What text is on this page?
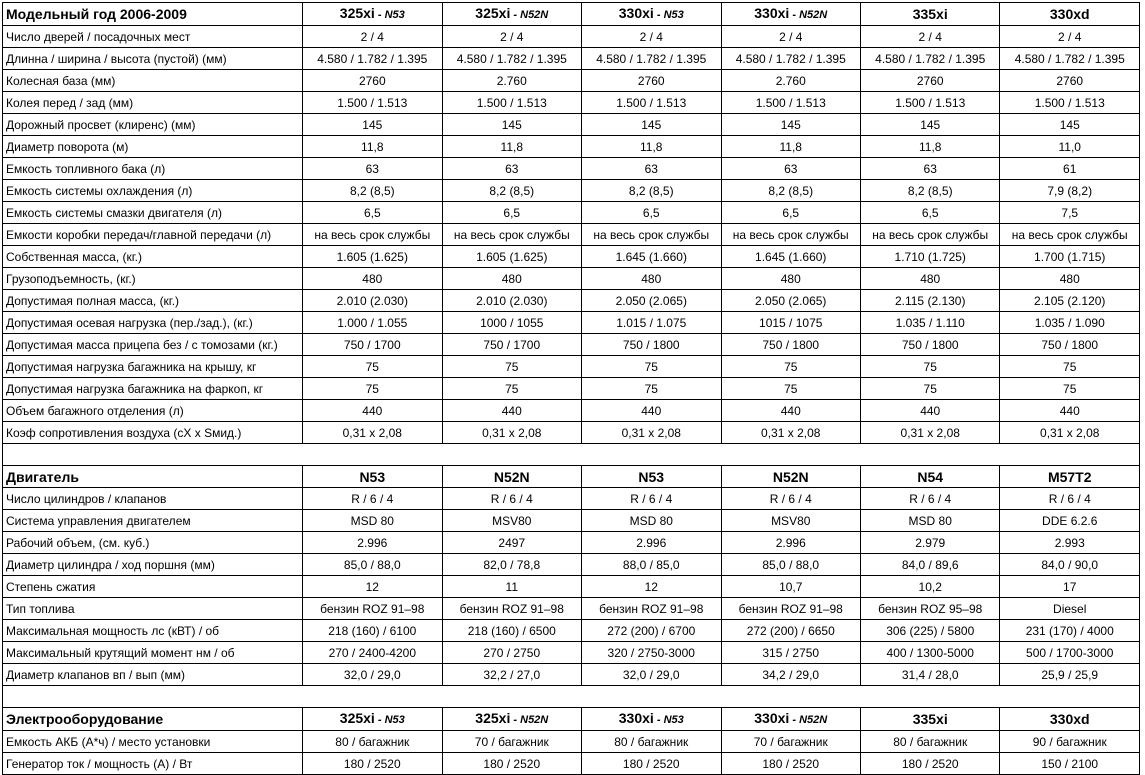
Модельный год 2006-2009	325xi - N53	325xi - N52N	330xi - N53	330xi - N52N	335xi	330xd
Число дверей / посадочных мест	2 / 4	2 / 4	2 / 4	2 / 4	2 / 4	2 / 4
Длинна / ширина / высота (пустой) (мм)	4.580 / 1.782 / 1.395	4.580 / 1.782 / 1.395	4.580 / 1.782 / 1.395	4.580 / 1.782 / 1.395	4.580 / 1.782 / 1.395	4.580 / 1.782 / 1.395
Колесная база (мм)	2760	2.760	2760	2.760	2760	2760
Колея перед / зад (мм)	1.500 / 1.513	1.500 / 1.513	1.500 / 1.513	1.500 / 1.513	1.500 / 1.513	1.500 / 1.513
Дорожный просвет (клиренс) (мм)	145	145	145	145	145	145
Диаметр поворота (м)	11,8	11,8	11,8	11,8	11,8	11,0
Емкость топливного бака (л)	63	63	63	63	63	61
Емкость системы охлаждения (л)	8,2 (8,5)	8,2 (8,5)	8,2 (8,5)	8,2 (8,5)	8,2 (8,5)	7,9 (8,2)
Емкость системы смазки двигателя (л)	6,5	6,5	6,5	6,5	6,5	7,5
Емкости коробки передач/главной передачи (л)	на весь срок службы	на весь срок службы	на весь срок службы	на весь срок службы	на весь срок службы	на весь срок службы
Собственная масса, (кг.)	1.605 (1.625)	1.605 (1.625)	1.645 (1.660)	1.645 (1.660)	1.710 (1.725)	1.700 (1.715)
Грузоподъемность, (кг.)	480	480	480	480	480	480
Допустимая полная масса, (кг.)	2.010 (2.030)	2.010 (2.030)	2.050 (2.065)	2.050 (2.065)	2.115 (2.130)	2.105 (2.120)
Допустимая осевая нагрузка (пер./зад.), (кг.)	1.000 / 1.055	1000 / 1055	1.015 / 1.075	1015 / 1075	1.035 / 1.110	1.035 / 1.090
Допустимая масса прицепа без / с томозами (кг.)	750 / 1700	750 / 1700	750 / 1800	750 / 1800	750 / 1800	750 / 1800
Допустимая нагрузка багажника на крышу, кг	75	75	75	75	75	75
Допустимая нагрузка багажника на фаркоп, кг	75	75	75	75	75	75
Объем багажного отделения (л)	440	440	440	440	440	440
Коэф сопротивления воздуха (сХ х Sмид.)	0,31 х 2,08	0,31 х 2,08	0,31 х 2,08	0,31 х 2,08	0,31 х 2,08	0,31 х 2,08

Двигатель	N53	N52N	N53	N52N	N54	M57T2
Число цилиндров / клапанов	R / 6 / 4	R / 6 / 4	R / 6 / 4	R / 6 / 4	R / 6 / 4	R / 6 / 4
Система управления двигателем	MSD 80	MSV80	MSD 80	MSV80	MSD 80	DDE 6.2.6
Рабочий объем, (см. куб.)	2.996	2497	2.996	2.996	2.979	2.993
Диаметр цилиндра / ход поршня (мм)	85,0 / 88,0	82,0 / 78,8	88,0 / 85,0	85,0 / 88,0	84,0 / 89,6	84,0 / 90,0
Степень сжатия	12	11	12	10,7	10,2	17
Тип топлива	бензин ROZ 91–98	бензин ROZ 91–98	бензин ROZ 91–98	бензин ROZ 91–98	бензин ROZ 95–98	Diesel
Максимальная мощность лс (кВТ) / об	218 (160) / 6100	218 (160) / 6500	272 (200) / 6700	272 (200) / 6650	306 (225) / 5800	231 (170) / 4000
Максимальный крутящий момент нм / об	270 / 2400-4200	270 / 2750	320 / 2750-3000	315 / 2750	400 / 1300-5000	500 / 1700-3000
Диаметр клапанов вп / вып (мм)	32,0 / 29,0	32,2 / 27,0	32,0 / 29,0	34,2 / 29,0	31,4 / 28,0	25,9 / 25,9

Электрооборудование	325xi - N53	325xi - N52N	330xi - N53	330xi - N52N	335xi	330xd
Емкость АКБ (А*ч) / место установки	80 / багажник	70 / багажник	80 / багажник	70 / багажник	80 / багажник	90 / багажник
Генератор ток / мощность (А) / Вт	180 / 2520	180 / 2520	180 / 2520	180 / 2520	180 / 2520	150 / 2100
